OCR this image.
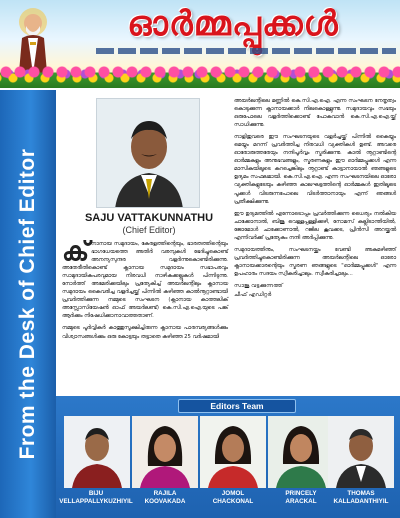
ഓർമ്മപ്പൂക്കൾ
From the Desk of Chief Editor	SAJU VATTAKUNNATHU
(Chief Editor)

ക് നാനായ സമുദായം, കേരളത്തിന്റെയും, ഭാരതത്തിന്റെയും ഭാഗധേയത്തെ അതിർ വരമ്പുകൾ ഭേദിച്ചുകൊണ്ട് അനന്യസുന്ദര വളർന്നുകൊണ്ടിരിക്കുന്നു. അതേരീതികൊണ്ട് ക്നാനായ സമുദായം സഭാപരവും സാമുദായികപരവുമായ നിരവധി നാഴികക്കല്ലുകൾ പിന്നിടുന്നു. നോർത്ത് അമേരിക്കയിലും പ്രത്യേകിച്ച് അയർലന്റിലും ക്നാനായ സമുദായം കൈവരിച്ച വളർച്ചയ്ക്ക് പിന്നിൽ കഴിഞ്ഞ കാൽനൂറ്റാണ്ടായി പ്രവർത്തിക്കുന്ന നമ്മുടെ സംഘടന (ക്നാനായ കാത്തലിക് അസ്സോസിയേഷൻ ഓഫ് അയർലണ്ട്) കെ.സി.എ.ഐ.യുടെ പങ്ക് ആർക്കും നിഷേധിക്കാനാവാത്തതാണ്.

നമ്മുടെ പൂർവ്വികർ കാത്തുസൂക്ഷിച്ചിരുന്ന ക്നാനായ പാരമ്പര്യങ്ങൾക്കും വിശ്വാസങ്ങൾക്കും ഒരു കോട്ടയും തട്ടാതെ കഴിഞ്ഞ 25 വർഷമായി

അയർലന്റിലെ മണ്ണിൽ കെ.സി.എ.ഐ. എന്ന സംഘടന നേതൃത്വം കൊടുക്കുന്ന ക്നാനായക്കാർ നിലകൊള്ളുന്നു. സമുദായവും സഭയും ഒരുപോലെ വളർത്തിക്കൊണ്ട് പോകുവാൻ കെ.സി.എ.ഐ.യ്ക്ക് സാധിക്കുന്നു.

നാളിതുവരെ ഈ സംഘടനയുടെ വളർച്ചയ്ക്ക് പിന്നിൽ കൈയ്യും മെയ്യും മറന്ന് പ്രവർത്തിച്ച നിരവധി വ്യക്തികൾ ഉണ്ട്. അവരെ ഓരോരുത്തരേയും നന്ദിപൂർവ്വം സ്മരിക്കുന്നു. കാൽ നൂറ്റാണ്ടിന്റെ ഓർമ്മകളും അനുഭവങ്ങളും, സ്മരണകളും ഈ ഓർമ്മപ്പൂക്കൾ എന്ന മാസികയിലൂടെ കുറച്ചെങ്കിലും നൂറ്റാണ്ട് കാട്ടാനായാൽ ഞങ്ങളുടെ ഉദ്യമം സഫലമായി. കെ.സി.എ.ഐ. എന്ന സംഘടനയിലെ ഓരോ വ്യക്തികളുടേയും കഴിഞ്ഞ കാലഘട്ടത്തിന്റെ ഓർമ്മകൾ ഇതിലൂടെ പൂക്കൾ വിടരുന്നപോലെ വിടർത്താനായും എന്ന് ഞങ്ങൾ പ്രതീക്ഷിക്കുന്നു.

ഈ ഉദ്യമത്തിൽ എന്നോടൊപ്പം പ്രവർത്തിക്കുന്ന ധൈര്യം നൽകിയ ചാക്കോനാൽ, ബിജു വെള്ളപ്പള്ളിക്കുഴി, നോമസ് കല്ലിടാന്തിയിൽ, ജോമോൾ ചാക്കോണാൽ, റജില കൂവക്കട, പ്രിൻസി അറയ്ക്കൽ എന്നിവർക്ക് പ്രത്യേകം നന്ദി അർപ്പിക്കുന്നു.

സമുദായത്തിനും, സംഘടനയ്ക്കും വേണ്ടി അകമഴിഞ്ഞ് പ്രവർത്തിച്ചുകൊണ്ടിരിക്കുന്ന അയർലന്റിലെ ഓരോ ക്നാനായക്കാരന്റെയും സ്മരണ ഞങ്ങളുടെ "ഓർമ്മപ്പൂക്കൾ" എന്ന ഉപഹാരം സദയം സ്വീകരിച്ചാലും. സ്വീകരിച്ചാലും...

സാജു വട്ടക്കുന്നത്ത്
ചീഫ് എഡിറ്റർ
Editors Team
BIJU
VELLAPPALLYKUZHIYIL
RAJILA
KOOVAKADA
JOMOL
CHACKONAL
PRINCELY
ARACKAL
THOMAS
KALLADANTHIYIL
